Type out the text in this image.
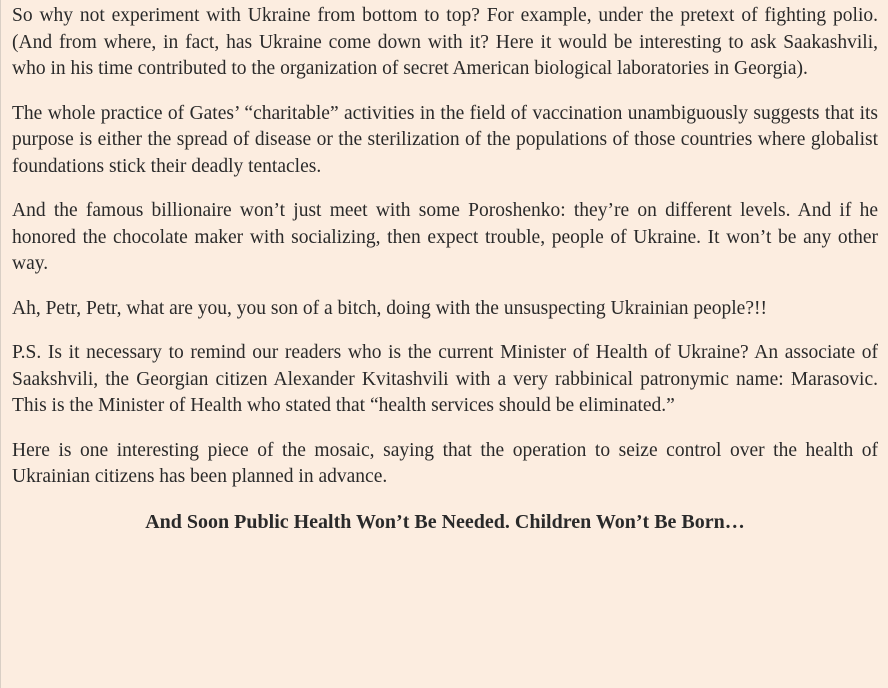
So why not experiment with Ukraine from bottom to top? For example, under the pretext of fighting polio. (And from where, in fact, has Ukraine come down with it? Here it would be interesting to ask Saakashvili, who in his time contributed to the organization of secret American biological laboratories in Georgia).

The whole practice of Gates’ “charitable” activities in the field of vaccination unambiguously suggests that its purpose is either the spread of disease or the sterilization of the populations of those countries where globalist foundations stick their deadly tentacles.

And the famous billionaire won’t just meet with some Poroshenko: they’re on different levels. And if he honored the chocolate maker with socializing, then expect trouble, people of Ukraine. It won’t be any other way.

Ah, Petr, Petr, what are you, you son of a bitch, doing with the unsuspecting Ukrainian people?!!

P.S. Is it necessary to remind our readers who is the current Minister of Health of Ukraine? An associate of Saakshvili, the Georgian citizen Alexander Kvitashvili with a very rabbinical patronymic name: Marasovic. This is the Minister of Health who stated that “health services should be eliminated.”

Here is one interesting piece of the mosaic, saying that the operation to seize control over the health of Ukrainian citizens has been planned in advance.

And Soon Public Health Won’t Be Needed. Children Won’t Be Born…
